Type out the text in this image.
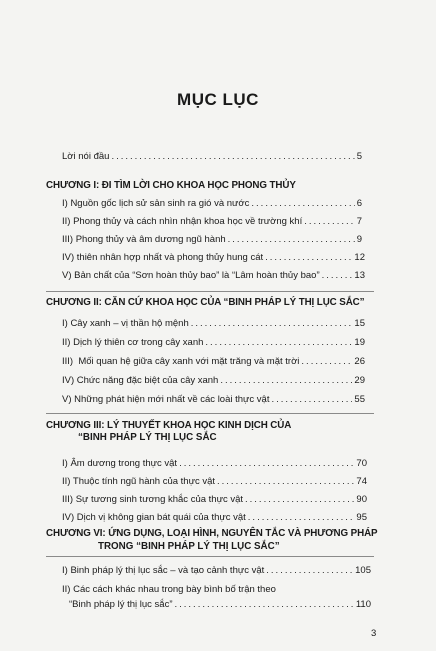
MỤC LỤC
Lời nói đầu .....	5
CHƯƠNG I: ĐI TÌM LỜI CHO KHOA HỌC PHONG THỦY
I) Nguồn gốc lịch sử sản sinh ra gió và nước .....	6
II) Phong thủy và cách nhìn nhận khoa học về trường khí .....	7
III) Phong thủy và âm dương ngũ hành .....	9
IV) thiên nhân hợp nhất và phong thủy hung cát .....	12
V) Bản chất của “Sơn hoàn thủy bao” là “Lâm hoàn thủy bao” .....	13
CHƯƠNG II: CĂN CỨ KHOA HỌC CỦA “BINH PHÁP LÝ THỊ LỤC SẮC”
I) Cây xanh – vị thần hộ mệnh .....	15
II) Dịch lý thiên cơ trong cây xanh .....	19
III)  Mối quan hệ giữa cây xanh với mặt trăng và mặt trời .....	26
IV) Chức năng đặc biệt của cây xanh .....	29
V) Những phát hiện mới nhất về các loài thực vật .....	55
CHƯƠNG III: LÝ THUYẾT KHOA HỌC KINH DỊCH CỦA
“BINH PHÁP LÝ THỊ LỤC SẮC
I) Âm dương trong thực vật .....	70
II) Thuộc tính ngũ hành của thực vật .....	74
III) Sự tương sinh tương khắc của thực vật .....	90
IV) Dịch vị không gian bát quái của thực vật .....	95
CHƯƠNG VI: ỨNG DỤNG, LOẠI HÌNH, NGUYÊN TẮC VÀ PHƯƠNG PHÁP
TRONG “BINH PHÁP LÝ THỊ LỤC SẮC”
I) Binh pháp lý thị lục sắc – và tạo cảnh thực vật .....	105
II) Các cách khác nhau trong bày bình bố trận theo
“Binh pháp lý thị lục sắc” .....	110
3
